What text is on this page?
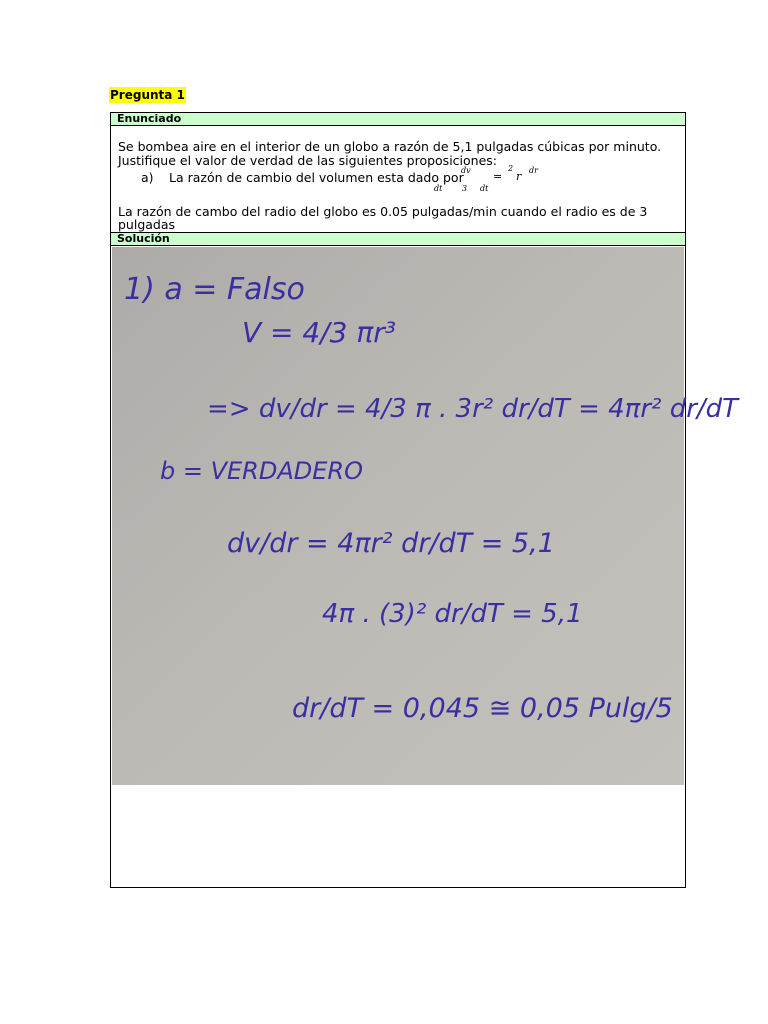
Pregunta 1
Enunciado
Se bombea aire en el interior de un globo a razón de 5,1 pulgadas cúbicas por minuto. Justifique el valor de verdad de las siguientes proposiciones:
a) La razón de cambio del volumen esta dado por
dv	2 dr
= r
dt 3 dt
La razón de cambo del radio del globo es 0.05 pulgadas/min cuando el radio es de 3 pulgadas
Solución
1) a = Falso
V = 4/3 πr³
=> dv/dr = 4/3 π . 3r² dr/dT = 4πr² dr/dT
b = VERDADERO
dv/dr = 4πr² dr/dT = 5,1
4π . (3)² dr/dT = 5,1
dr/dT = 0,045 ≅ 0,05 Pulg/5
